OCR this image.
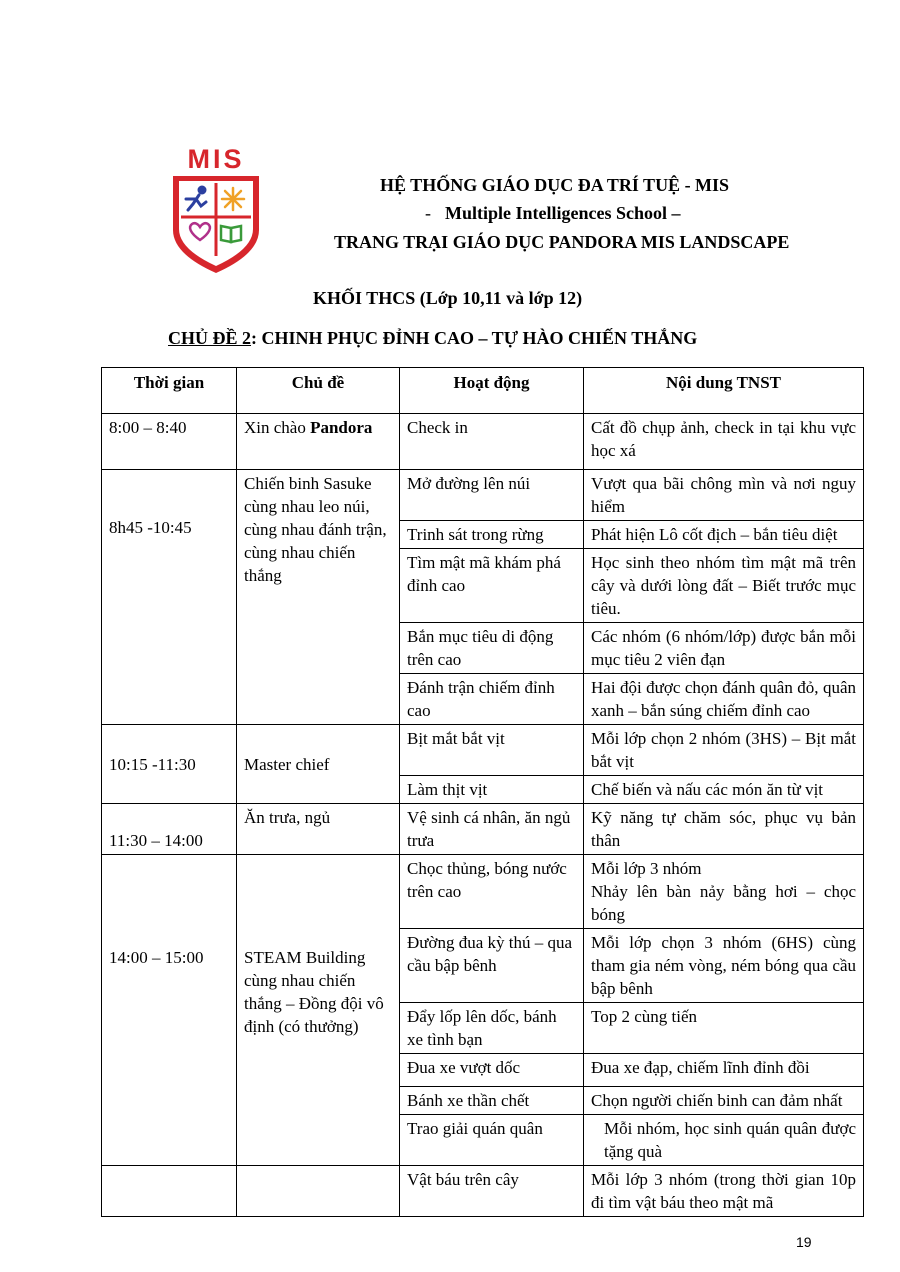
MIS
HỆ THỐNG GIÁO DỤC ĐA TRÍ TUỆ - MIS
- Multiple Intelligences School –
TRANG TRẠI GIÁO DỤC PANDORA MIS LANDSCAPE
KHỐI THCS (Lớp 10,11 và lớp 12)
CHỦ ĐỀ 2: CHINH PHỤC ĐỈNH CAO – TỰ HÀO CHIẾN THẮNG
Thời gian	Chủ đề	Hoạt động	Nội dung TNST
8:00 – 8:40	Xin chào Pandora	Check in	Cất đồ chụp ảnh, check in tại khu vực học xá
8h45 -10:45	Chiến binh Sasuke cùng nhau leo núi, cùng nhau đánh trận, cùng nhau chiến thắng	Mở đường lên núi	Vượt qua bãi chông mìn và nơi nguy hiểm
		Trinh sát trong rừng	Phát hiện Lô cốt địch – bắn tiêu diệt
		Tìm mật mã khám phá đỉnh cao	Học sinh theo nhóm tìm mật mã trên cây và dưới lòng đất – Biết trước mục tiêu.
		Bắn mục tiêu di động trên cao	Các nhóm (6 nhóm/lớp) được bắn mỗi mục tiêu 2 viên đạn
		Đánh trận chiếm đỉnh cao	Hai đội được chọn đánh quân đỏ, quân xanh – bắn súng chiếm đỉnh cao
10:15 -11:30	Master chief	Bịt mắt bắt vịt	Mỗi lớp chọn 2 nhóm (3HS) – Bịt mắt bắt vịt
		Làm thịt vịt	Chế biến và nấu các món ăn từ vịt
11:30 – 14:00	Ăn trưa, ngủ	Vệ sinh cá nhân, ăn ngủ trưa	Kỹ năng tự chăm sóc, phục vụ bản thân
14:00 – 15:00	STEAM Building cùng nhau chiến thắng – Đồng đội vô định (có thưởng)	Chọc thủng, bóng nước trên cao	Mỗi lớp 3 nhóm
Nhảy lên bàn nảy bằng hơi – chọc bóng

		Đường đua kỳ thú – qua cầu bập bênh	Mỗi lớp chọn 3 nhóm (6HS) cùng tham gia ném vòng, ném bóng qua cầu bập bênh
		Đẩy lốp lên dốc, bánh xe tình bạn	Top 2 cùng tiến
		Đua xe vượt dốc	Đua xe đạp, chiếm lĩnh đỉnh đồi
		Bánh xe thần chết	Chọn người chiến binh can đảm nhất
		Trao giải quán quân	Mỗi nhóm, học sinh quán quân được tặng quà
		Vật báu trên cây	Mỗi lớp 3 nhóm (trong thời gian 10p đi tìm vật báu theo mật mã
19
